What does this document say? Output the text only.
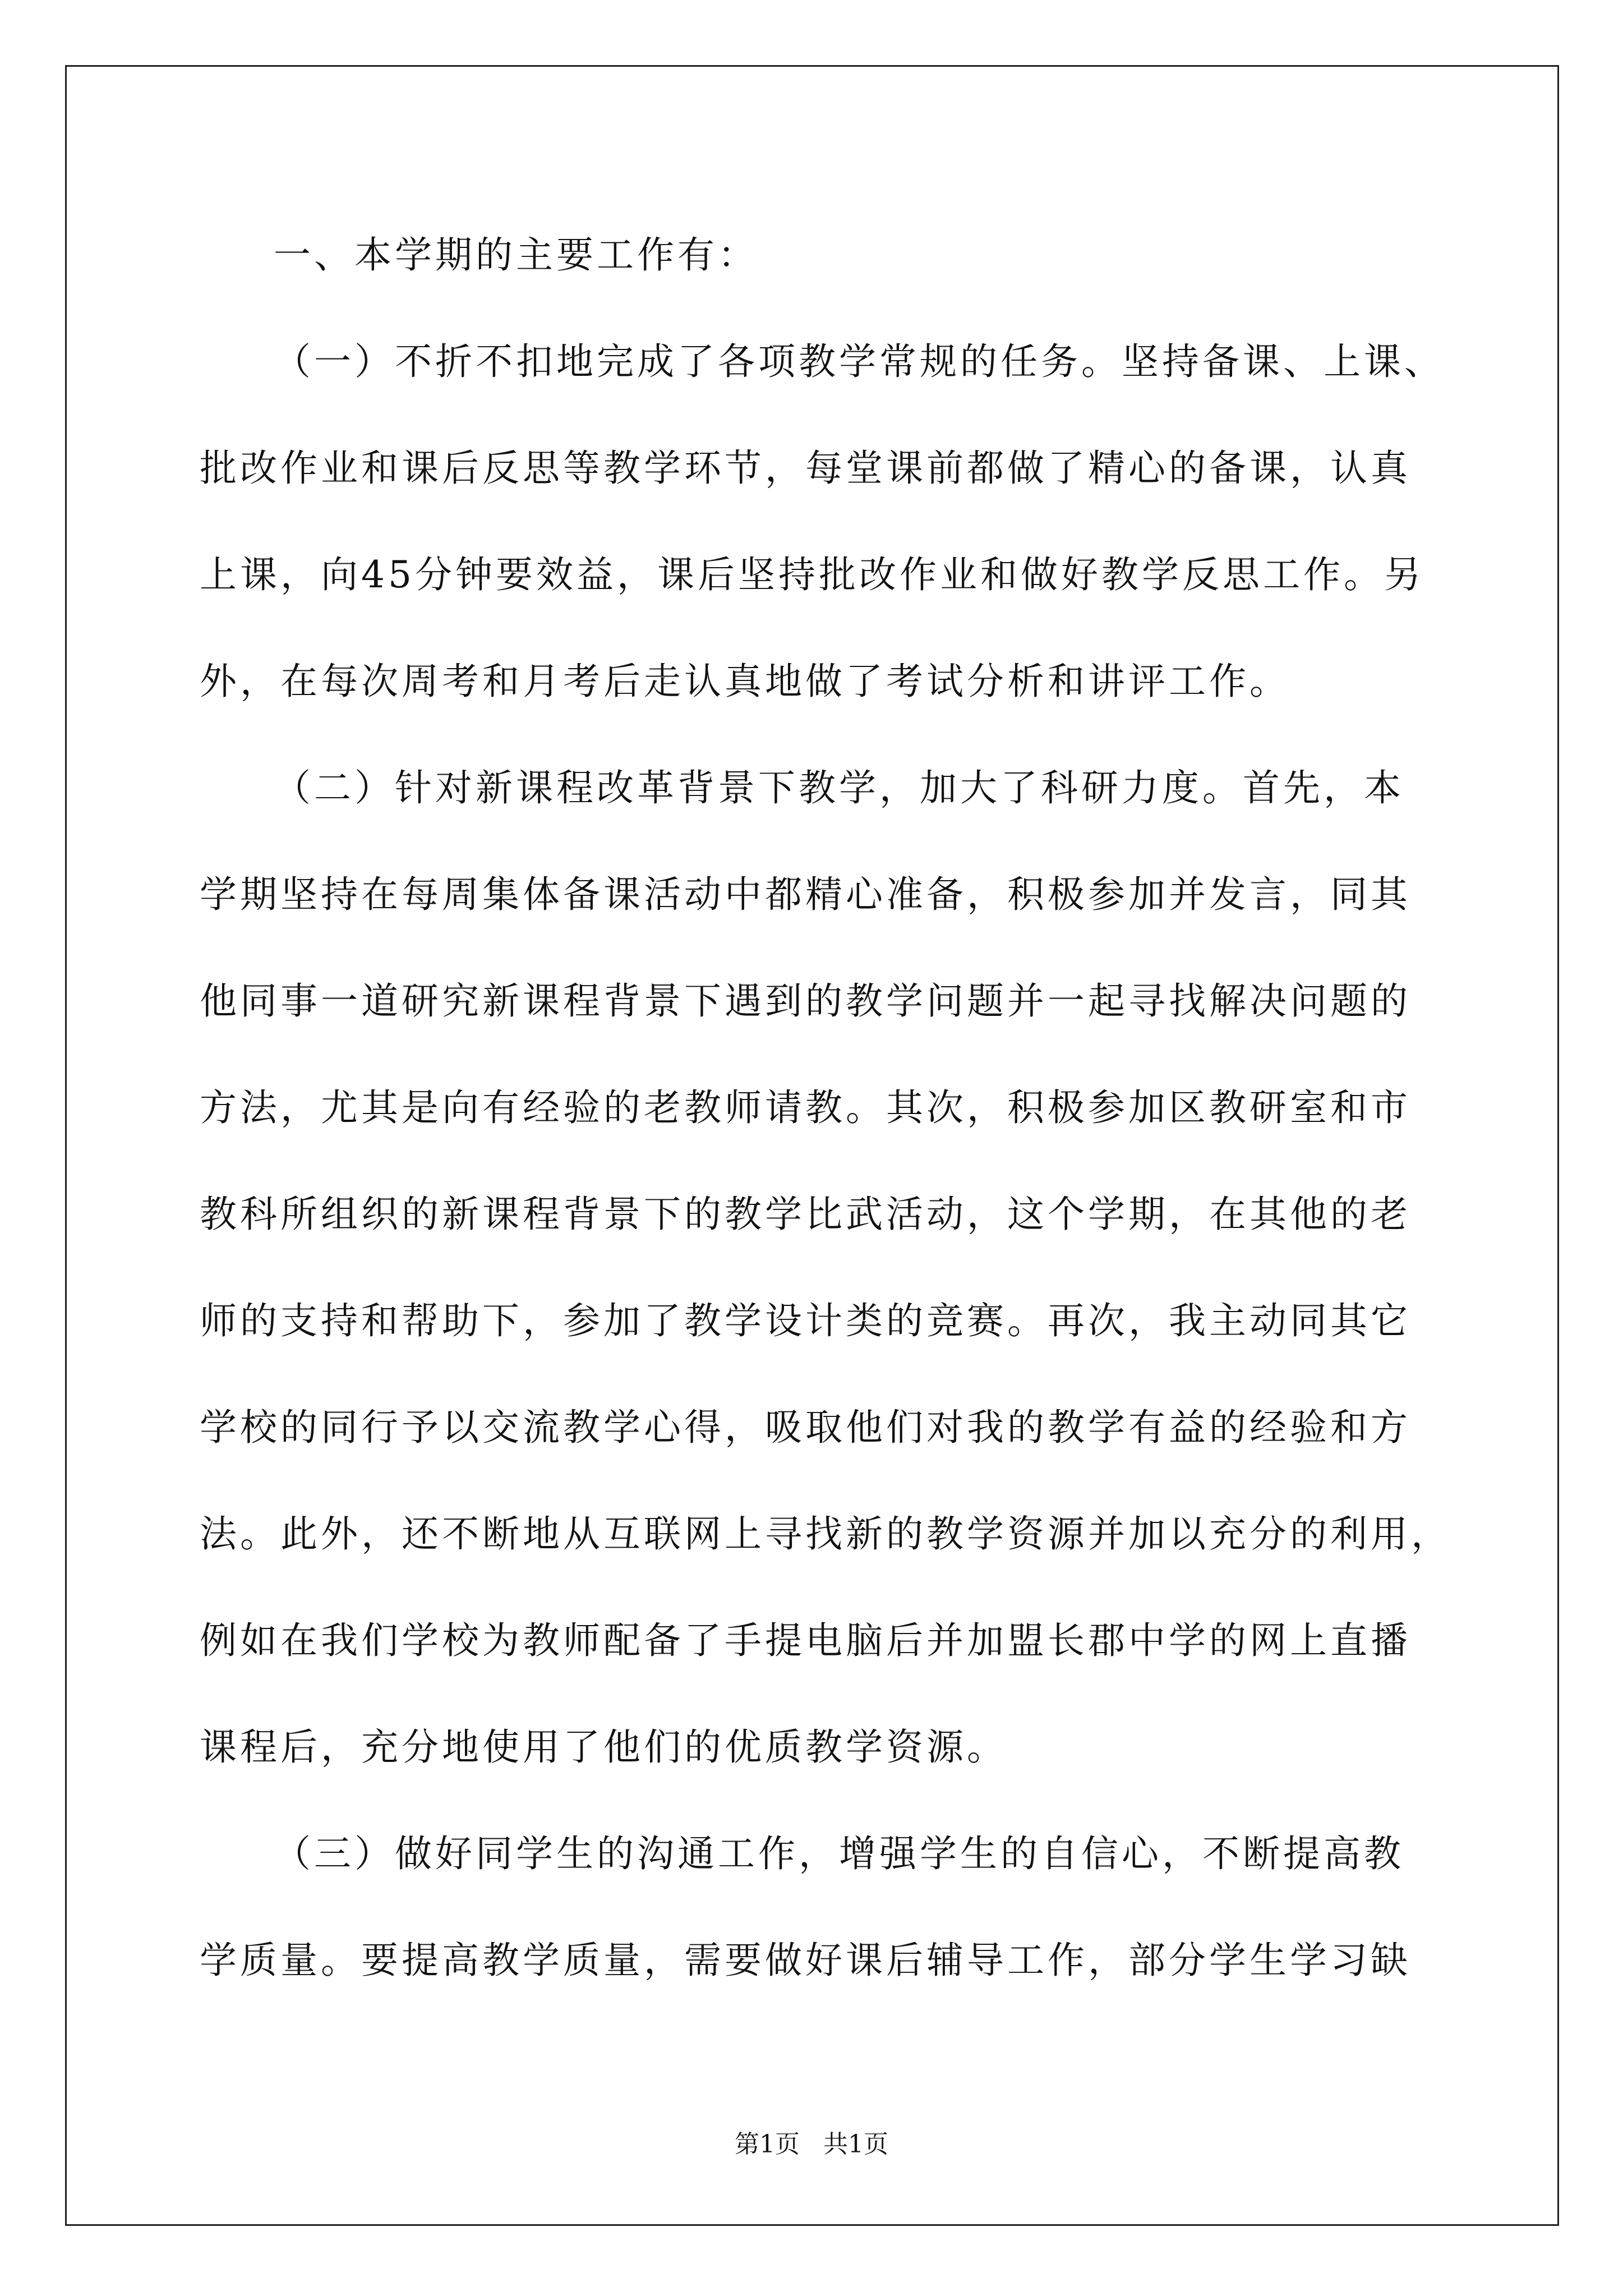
一、本学期的主要工作有：
（一）不折不扣地完成了各项教学常规的任务。坚持备课、上课、
批改作业和课后反思等教学环节，每堂课前都做了精心的备课，认真
上课，向45分钟要效益，课后坚持批改作业和做好教学反思工作。另
外，在每次周考和月考后走认真地做了考试分析和讲评工作。
（二）针对新课程改革背景下教学，加大了科研力度。首先，本
学期坚持在每周集体备课活动中都精心准备，积极参加并发言，同其
他同事一道研究新课程背景下遇到的教学问题并一起寻找解决问题的
方法，尤其是向有经验的老教师请教。其次，积极参加区教研室和市
教科所组织的新课程背景下的教学比武活动，这个学期，在其他的老
师的支持和帮助下，参加了教学设计类的竞赛。再次，我主动同其它
学校的同行予以交流教学心得，吸取他们对我的教学有益的经验和方
法。此外，还不断地从互联网上寻找新的教学资源并加以充分的利用，
例如在我们学校为教师配备了手提电脑后并加盟长郡中学的网上直播
课程后，充分地使用了他们的优质教学资源。
（三）做好同学生的沟通工作，增强学生的自信心，不断提高教
学质量。要提高教学质量，需要做好课后辅导工作，部分学生学习缺
第1页   共1页
